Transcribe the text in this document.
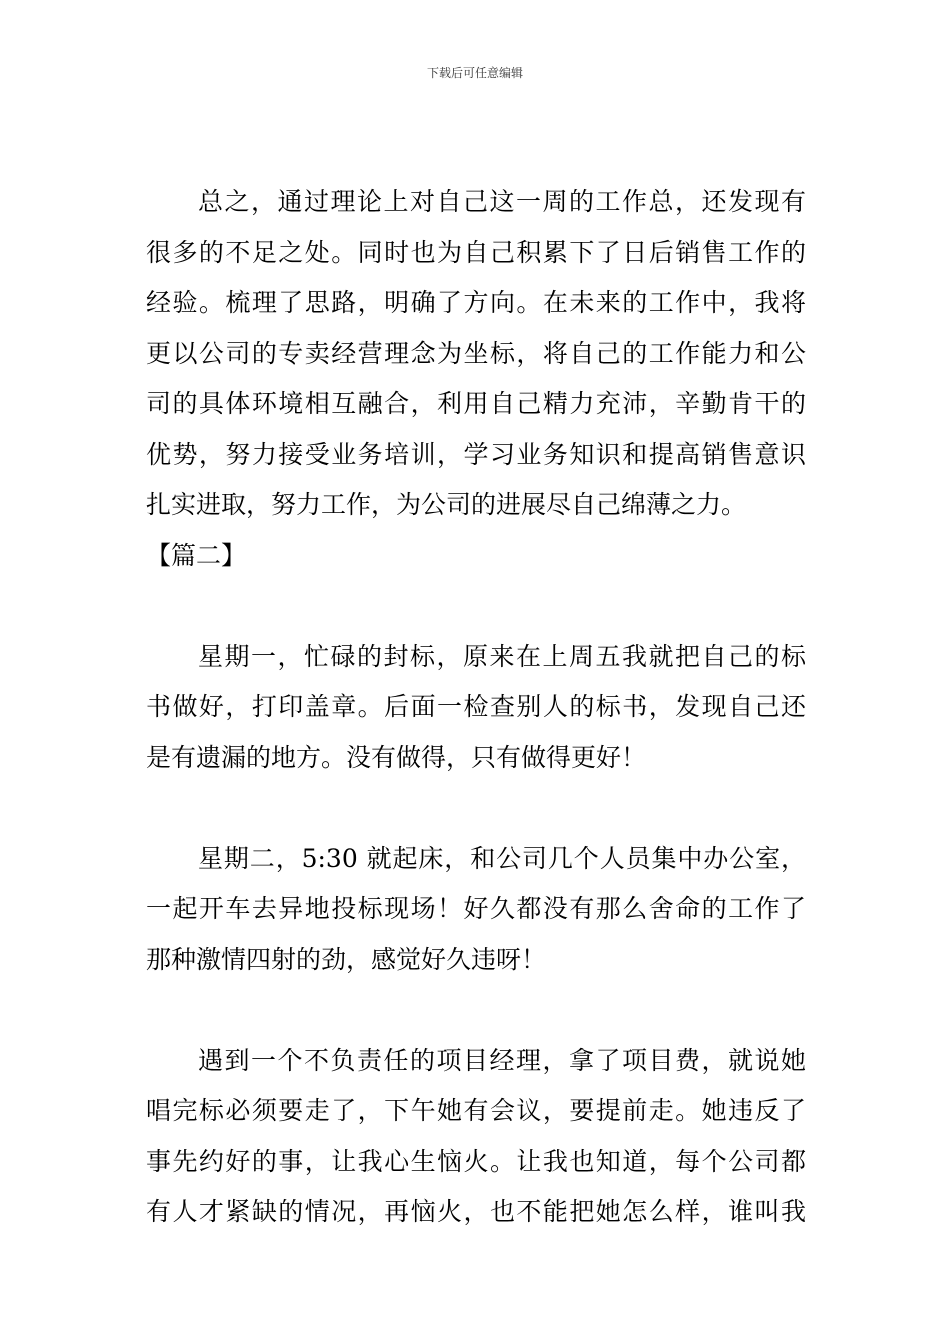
下载后可任意编辑
总之，通过理论上对自己这一周的工作总，还发现有
很多的不足之处。同时也为自己积累下了日后销售工作的
经验。梳理了思路，明确了方向。在未来的工作中，我将
更以公司的专卖经营理念为坐标，将自己的工作能力和公
司的具体环境相互融合，利用自己精力充沛，辛勤肯干的
优势，努力接受业务培训，学习业务知识和提高销售意识
扎实进取，努力工作，为公司的进展尽自己绵薄之力。
【篇二】
星期一，忙碌的封标，原来在上周五我就把自己的标
书做好，打印盖章。后面一检查别人的标书，发现自己还
是有遗漏的地方。没有做得，只有做得更好！
星期二，5:30 就起床，和公司几个人员集中办公室，
一起开车去异地投标现场！好久都没有那么舍命的工作了
那种激情四射的劲，感觉好久违呀！
遇到一个不负责任的项目经理，拿了项目费，就说她
唱完标必须要走了，下午她有会议，要提前走。她违反了
事先约好的事，让我心生恼火。让我也知道，每个公司都
有人才紧缺的情况，再恼火，也不能把她怎么样，谁叫我
